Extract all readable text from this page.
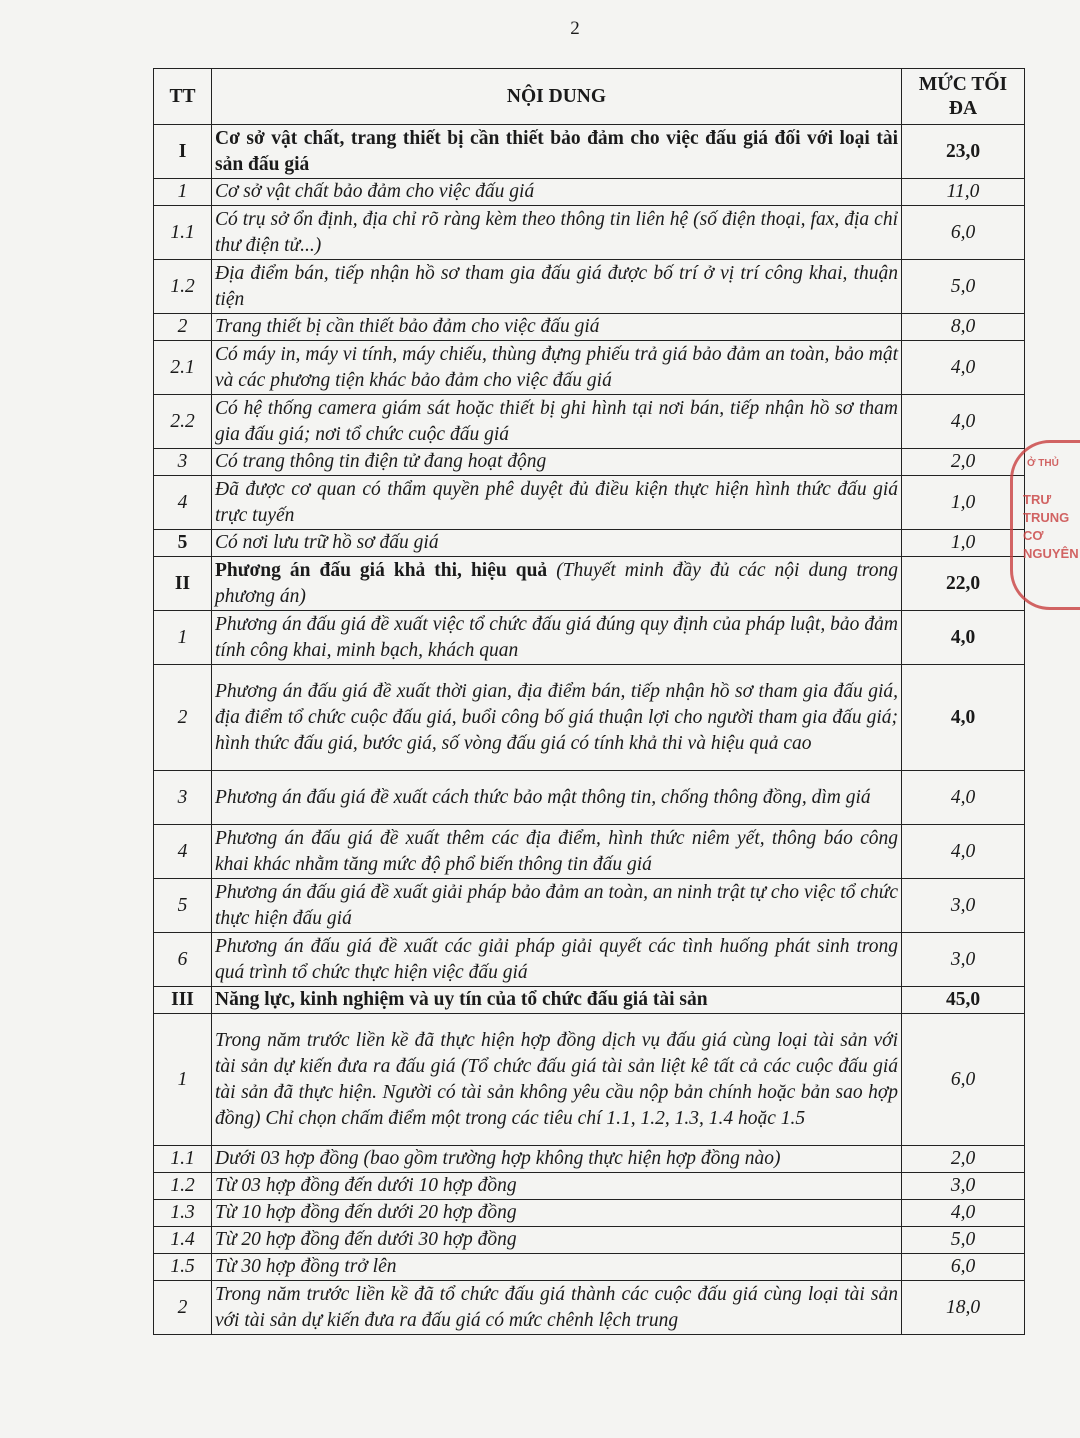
2
TT	NỘI DUNG	MỨC TỐI ĐA
I	Cơ sở vật chất, trang thiết bị cần thiết bảo đảm cho việc đấu giá đối với loại tài sản đấu giá	23,0
1	Cơ sở vật chất bảo đảm cho việc đấu giá	11,0
1.1	Có trụ sở ổn định, địa chỉ rõ ràng kèm theo thông tin liên hệ (số điện thoại, fax, địa chỉ thư điện tử...)	6,0
1.2	Địa điểm bán, tiếp nhận hồ sơ tham gia đấu giá được bố trí ở vị trí công khai, thuận tiện	5,0
2	Trang thiết bị cần thiết bảo đảm cho việc đấu giá	8,0
2.1	Có máy in, máy vi tính, máy chiếu, thùng đựng phiếu trả giá bảo đảm an toàn, bảo mật và các phương tiện khác bảo đảm cho việc đấu giá	4,0
2.2	Có hệ thống camera giám sát hoặc thiết bị ghi hình tại nơi bán, tiếp nhận hồ sơ tham gia đấu giá; nơi tổ chức cuộc đấu giá	4,0
3	Có trang thông tin điện tử đang hoạt động	2,0
4	Đã được cơ quan có thẩm quyền phê duyệt đủ điều kiện thực hiện hình thức đấu giá trực tuyến	1,0
5	Có nơi lưu trữ hồ sơ đấu giá	1,0
II	Phương án đấu giá khả thi, hiệu quả (Thuyết minh đầy đủ các nội dung trong phương án)	22,0
1	Phương án đấu giá đề xuất việc tổ chức đấu giá đúng quy định của pháp luật, bảo đảm tính công khai, minh bạch, khách quan	4,0
2	Phương án đấu giá đề xuất thời gian, địa điểm bán, tiếp nhận hồ sơ tham gia đấu giá, địa điểm tổ chức cuộc đấu giá, buổi công bố giá thuận lợi cho người tham gia đấu giá; hình thức đấu giá, bước giá, số vòng đấu giá có tính khả thi và hiệu quả cao	4,0
3	Phương án đấu giá đề xuất cách thức bảo mật thông tin, chống thông đồng, dìm giá	4,0
4	Phương án đấu giá đề xuất thêm các địa điểm, hình thức niêm yết, thông báo công khai khác nhằm tăng mức độ phổ biến thông tin đấu giá	4,0
5	Phương án đấu giá đề xuất giải pháp bảo đảm an toàn, an ninh trật tự cho việc tổ chức thực hiện đấu giá	3,0
6	Phương án đấu giá đề xuất các giải pháp giải quyết các tình huống phát sinh trong quá trình tổ chức thực hiện việc đấu giá	3,0
III	Năng lực, kinh nghiệm và uy tín của tổ chức đấu giá tài sản	45,0
1	Trong năm trước liền kề đã thực hiện hợp đồng dịch vụ đấu giá cùng loại tài sản với tài sản dự kiến đưa ra đấu giá (Tổ chức đấu giá tài sản liệt kê tất cả các cuộc đấu giá tài sản đã thực hiện. Người có tài sản không yêu cầu nộp bản chính hoặc bản sao hợp đồng) Chỉ chọn chấm điểm một trong các tiêu chí 1.1, 1.2, 1.3, 1.4 hoặc 1.5	6,0
1.1	Dưới 03 hợp đồng (bao gồm trường hợp không thực hiện hợp đồng nào)	2,0
1.2	Từ 03 hợp đồng đến dưới 10 hợp đồng	3,0
1.3	Từ 10 hợp đồng đến dưới 20 hợp đồng	4,0
1.4	Từ 20 hợp đồng đến dưới 30 hợp đồng	5,0
1.5	Từ 30 hợp đồng trở lên	6,0
2	Trong năm trước liền kề đã tổ chức đấu giá thành các cuộc đấu giá cùng loại tài sản với tài sản dự kiến đưa ra đấu giá có mức chênh lệch trung	18,0
Ở THỦ
TRƯ
TRUNG
CƠ
NGUYÊN
